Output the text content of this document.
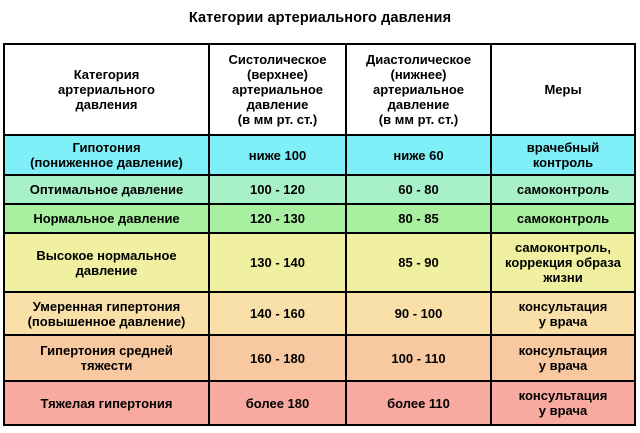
Категории артериального давления
Категория
артериального
давления	Систолическое
(верхнее)
артериальное
давление
(в мм рт. ст.)	Диастолическое
(нижнее)
артериальное
давление
(в мм рт. ст.)	Меры
Гипотония
(пониженное давление)	ниже 100	ниже 60	врачебный
контроль
Оптимальное давление	100 - 120	60 - 80	самоконтроль
Нормальное давление	120 - 130	80 - 85	самоконтроль
Высокое нормальное
давление	130 - 140	85 - 90	самоконтроль,
коррекция образа
жизни
Умеренная гипертония
(повышенное давление)	140 - 160	90 - 100	консультация
у врача
Гипертония средней
тяжести	160 - 180	100 - 110	консультация
у врача
Тяжелая гипертония	более 180	более 110	консультация
у врача
